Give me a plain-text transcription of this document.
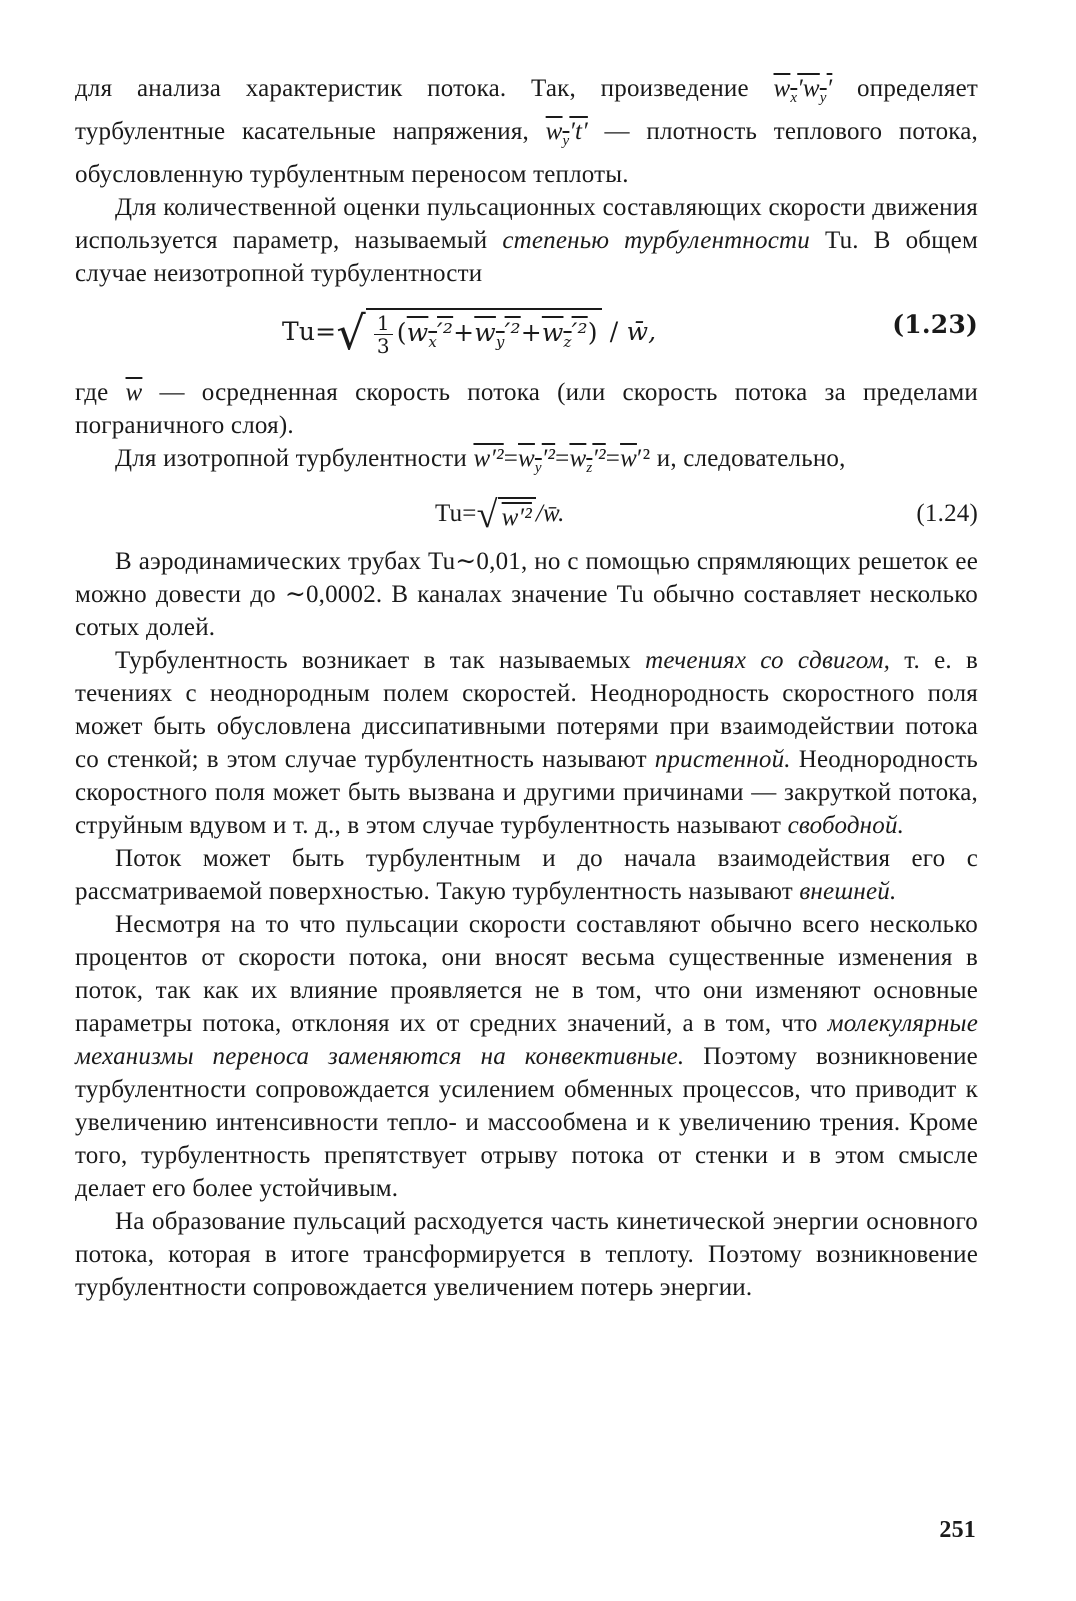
для анализа характеристик потока. Так, произведение $w_x'w_y'$ определяет турбулентные касательные напряжения, $w_y't'$ — плотность теплового потока, обусловленную турбулентным переносом теплоты.

Для количественной оценки пульсационных составляющих скорости движения используется параметр, называемый степенью турбулентности Tu. В общем случае неизотропной турбулентности

$Tu=√ \frac{1}{3} (w_x'^2+w_y'^2+w_z'^2)$ / w̄,	(1.23)

где $\overline{w}$ — осредненная скорость потока (или скорость потока за пределами пограничного слоя).

Для изотропной турбулентности $w'^2=w_y'^2=w_z'^2=\overline{w}'^2$ и, следовательно,

Tu=√ w′² /w̄.	(1.24)

В аэродинамических трубах Tu∼0,01, но с помощью спрямляющих решеток ее можно довести до ∼0,0002. В каналах значение Tu обычно составляет несколько сотых долей.

Турбулентность возникает в так называемых течениях со сдвигом, т. е. в течениях с неоднородным полем скоростей. Неоднородность скоростного поля может быть обусловлена диссипативными потерями при взаимодействии потока со стенкой; в этом случае турбулентность называют пристенной. Неоднородность скоростного поля может быть вызвана и другими причинами — закруткой потока, струйным вдувом и т. д., в этом случае турбулентность называют свободной.

Поток может быть турбулентным и до начала взаимодействия его с рассматриваемой поверхностью. Такую турбулентность называют внешней.

Несмотря на то что пульсации скорости составляют обычно всего несколько процентов от скорости потока, они вносят весьма существенные изменения в поток, так как их влияние проявляется не в том, что они изменяют основные параметры потока, отклоняя их от средних значений, а в том, что молекулярные механизмы переноса заменяются на конвективные. Поэтому возникновение турбулентности сопровождается усилением обменных процессов, что приводит к увеличению интенсивности тепло- и массообмена и к увеличению трения. Кроме того, турбулентность препятствует отрыву потока от стенки и в этом смысле делает его более устойчивым.

На образование пульсаций расходуется часть кинетической энергии основного потока, которая в итоге трансформируется в теплоту. Поэтому возникновение турбулентности сопровождается увеличением потерь энергии.

251
